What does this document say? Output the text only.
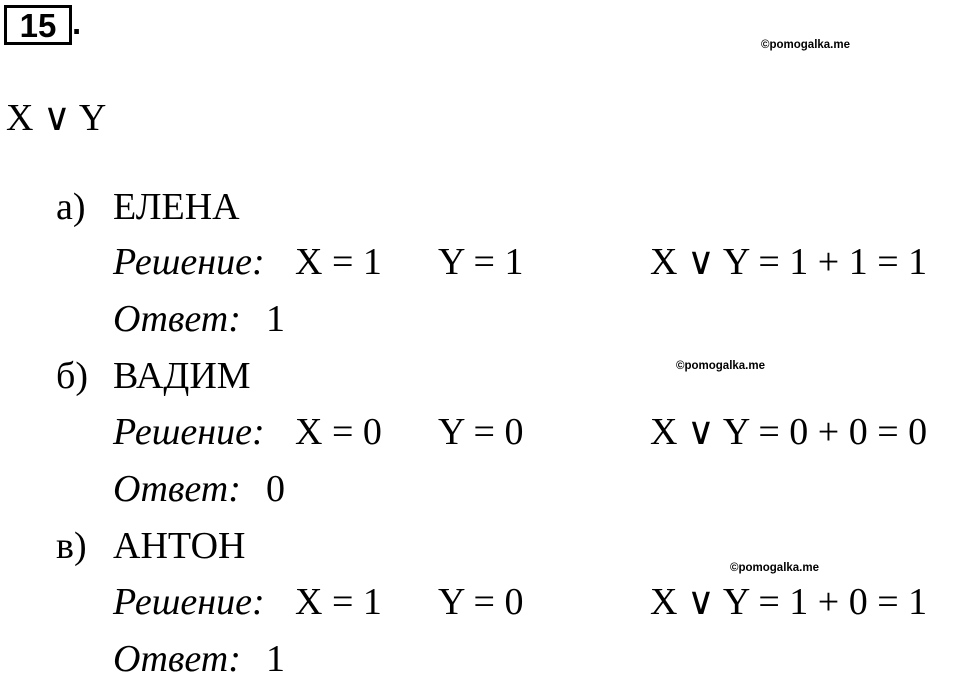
15 .
©pomogalka.me
©pomogalka.me
©pomogalka.me
X ∨ Y
а) ЕЛЕНА
Решение: X = 1 Y = 1	X ∨ Y = 1 + 1 = 1
Ответ: 1
б) ВАДИМ
Решение: X = 0 Y = 0	X ∨ Y = 0 + 0 = 0
Ответ: 0
в) АНТОН
Решение: X = 1 Y = 0	X ∨ Y = 1 + 0 = 1
Ответ: 1
